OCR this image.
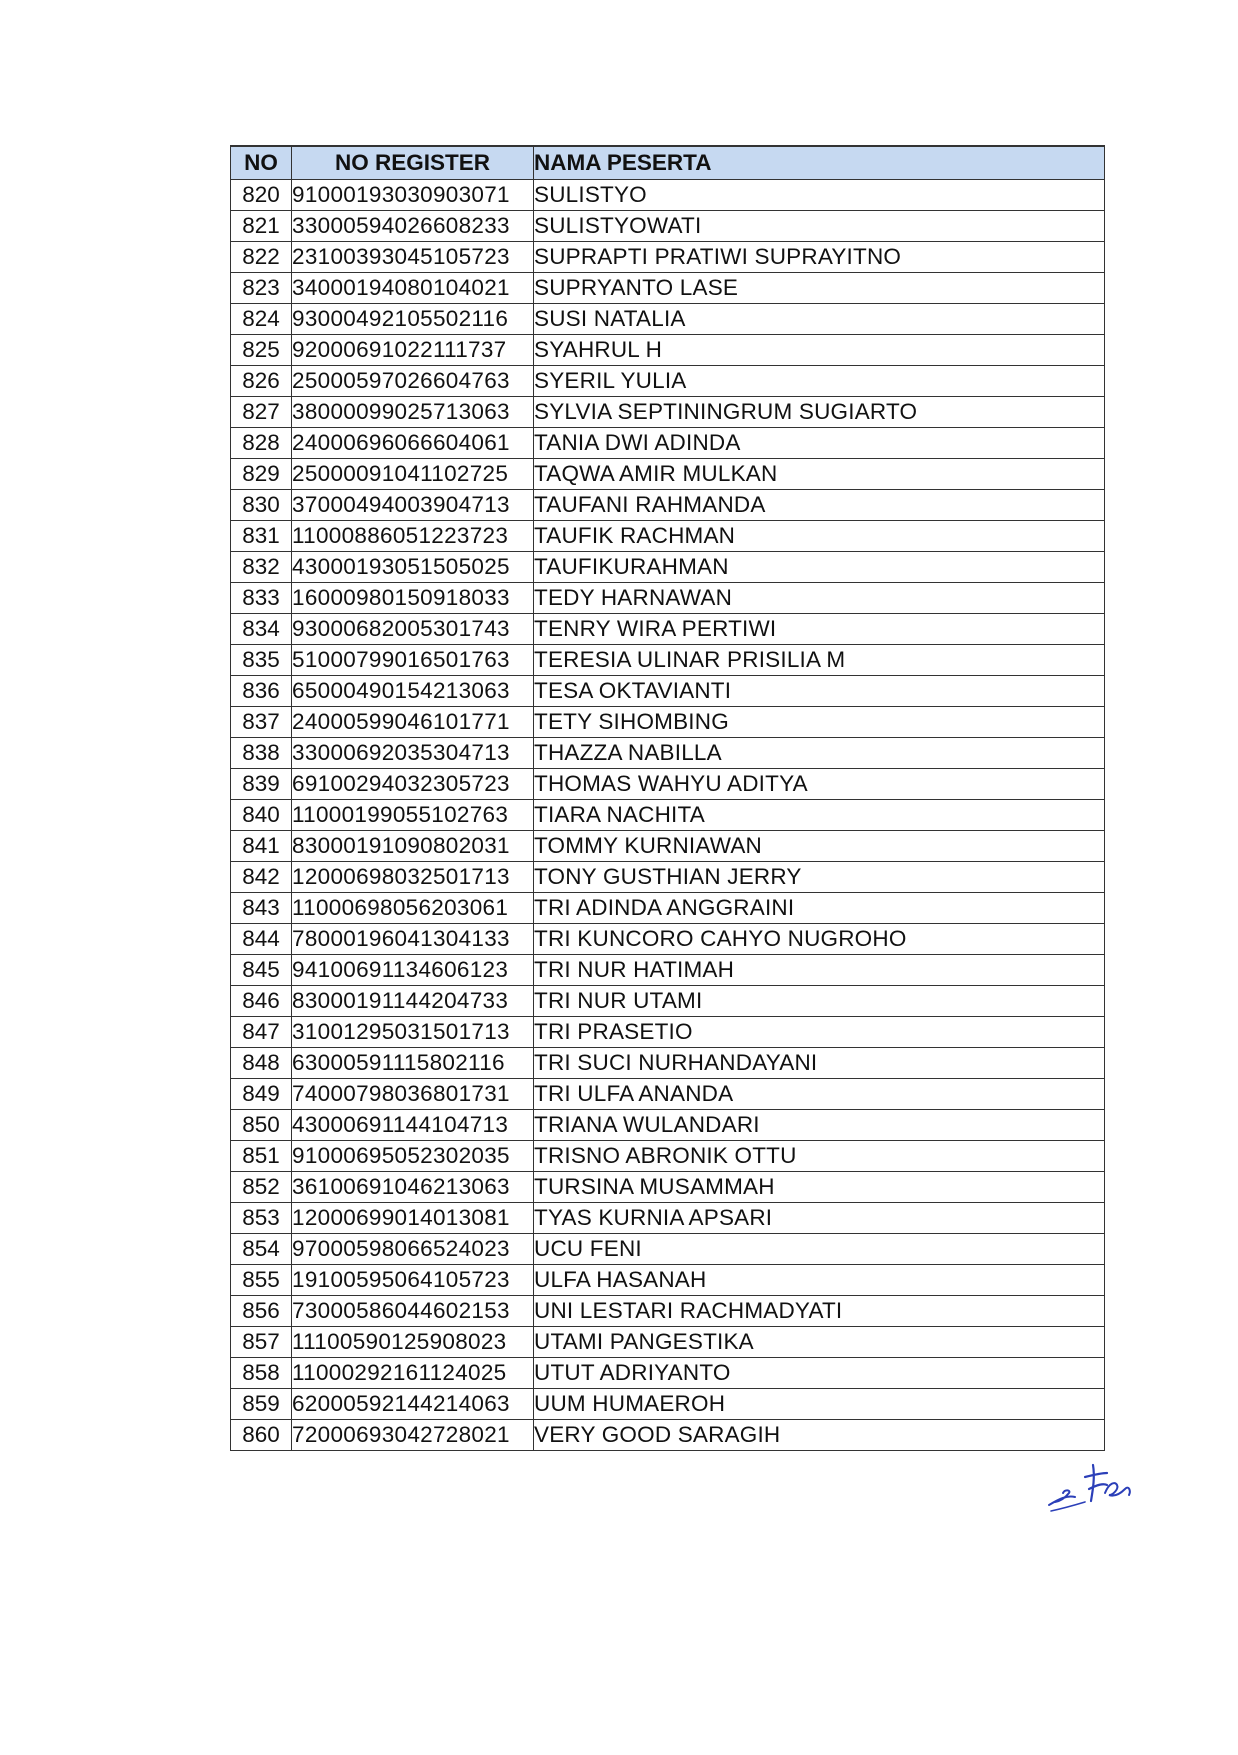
NO	NO REGISTER	NAMA PESERTA
820	91000193030903071	SULISTYO
821	33000594026608233	SULISTYOWATI
822	23100393045105723	SUPRAPTI PRATIWI SUPRAYITNO
823	34000194080104021	SUPRYANTO LASE
824	93000492105502116	SUSI NATALIA
825	92000691022111737	SYAHRUL H
826	25000597026604763	SYERIL YULIA
827	38000099025713063	SYLVIA SEPTININGRUM SUGIARTO
828	24000696066604061	TANIA DWI ADINDA
829	25000091041102725	TAQWA AMIR MULKAN
830	37000494003904713	TAUFANI RAHMANDA
831	11000886051223723	TAUFIK RACHMAN
832	43000193051505025	TAUFIKURAHMAN
833	16000980150918033	TEDY HARNAWAN
834	93000682005301743	TENRY WIRA PERTIWI
835	51000799016501763	TERESIA ULINAR PRISILIA M
836	65000490154213063	TESA OKTAVIANTI
837	24000599046101771	TETY SIHOMBING
838	33000692035304713	THAZZA NABILLA
839	69100294032305723	THOMAS WAHYU ADITYA
840	11000199055102763	TIARA NACHITA
841	83000191090802031	TOMMY KURNIAWAN
842	12000698032501713	TONY GUSTHIAN JERRY
843	11000698056203061	TRI ADINDA ANGGRAINI
844	78000196041304133	TRI KUNCORO CAHYO NUGROHO
845	94100691134606123	TRI NUR HATIMAH
846	83000191144204733	TRI NUR UTAMI
847	31001295031501713	TRI PRASETIO
848	63000591115802116	TRI SUCI NURHANDAYANI
849	74000798036801731	TRI ULFA ANANDA
850	43000691144104713	TRIANA WULANDARI
851	91000695052302035	TRISNO ABRONIK OTTU
852	36100691046213063	TURSINA MUSAMMAH
853	12000699014013081	TYAS KURNIA APSARI
854	97000598066524023	UCU FENI
855	19100595064105723	ULFA HASANAH
856	73000586044602153	UNI LESTARI RACHMADYATI
857	11100590125908023	UTAMI PANGESTIKA
858	11000292161124025	UTUT ADRIYANTO
859	62000592144214063	UUM HUMAEROH
860	72000693042728021	VERY GOOD SARAGIH
